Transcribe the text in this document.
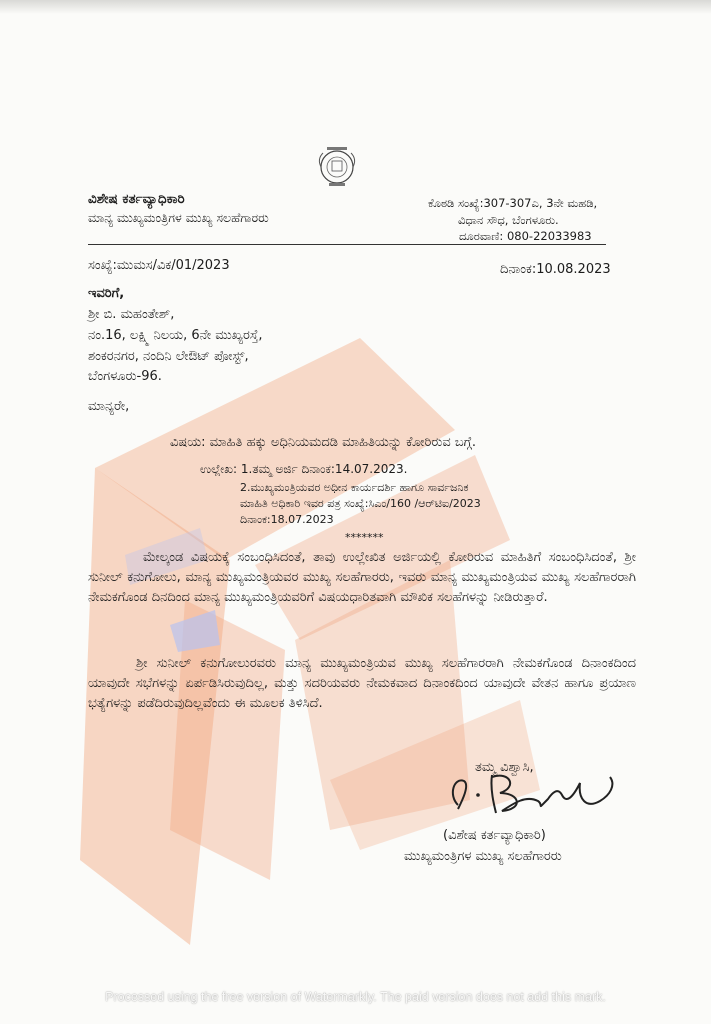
ವಿಶೇಷ ಕರ್ತವ್ಯಾಧಿಕಾರಿ
ಮಾನ್ಯ ಮುಖ್ಯಮಂತ್ರಿಗಳ ಮುಖ್ಯ ಸಲಹೆಗಾರರು
ಕೊಠಡಿ ಸಂಖ್ಯೆ:307-307ಎ, 3ನೇ ಮಹಡಿ,
ವಿಧಾನ ಸೌಧ, ಬೆಂಗಳೂರು.
ದೂರವಾಣಿ: 080-22033983
ಸಂಖ್ಯೆ:ಮುಮಸ/ವಿಕ/01/2023	ದಿನಾಂಕ:10.08.2023
ಇವರಿಗೆ,
ಶ್ರೀ ಬಿ. ಮಹಂತೇಶ್,
ನಂ.16, ಲಕ್ಷ್ಮಿ ನಿಲಯ, 6ನೇ ಮುಖ್ಯರಸ್ತೆ,
ಶಂಕರನಗರ, ನಂದಿನಿ ಲೇಔಟ್ ಪೋಸ್ಟ್,
ಬೆಂಗಳೂರು-96.
ಮಾನ್ಯರೇ,
ವಿಷಯ: ಮಾಹಿತಿ ಹಕ್ಕು ಅಧಿನಿಯಮದಡಿ ಮಾಹಿತಿಯನ್ನು ಕೋರಿರುವ ಬಗ್ಗೆ.
ಉಲ್ಲೇಖ: 1.ತಮ್ಮ ಅರ್ಜಿ ದಿನಾಂಕ:14.07.2023.
2.ಮುಖ್ಯಮಂತ್ರಿಯವರ ಅಧೀನ ಕಾರ್ಯದರ್ಶಿ ಹಾಗೂ ಸಾರ್ವಜನಿಕ
ಮಾಹಿತಿ ಅಧಿಕಾರಿ ಇವರ ಪತ್ರ ಸಂಖ್ಯೆ:ಸಿಎಂ/160 /ಆರ್‌ಟಿಐ/2023
ದಿನಾಂಕ:18.07.2023
*******
ಮೇಲ್ಕಂಡ ವಿಷಯಕ್ಕೆ ಸಂಬಂಧಿಸಿದಂತೆ, ತಾವು ಉಲ್ಲೇಖಿತ ಅರ್ಜಿಯಲ್ಲಿ ಕೋರಿರುವ ಮಾಹಿತಿಗೆ ಸಂಬಂಧಿಸಿದಂತೆ, ಶ್ರೀ ಸುನೀಲ್ ಕನುಗೋಲು, ಮಾನ್ಯ ಮುಖ್ಯಮಂತ್ರಿಯವರ ಮುಖ್ಯ ಸಲಹೆಗಾರರು, ಇವರು ಮಾನ್ಯ ಮುಖ್ಯಮಂತ್ರಿಯವ ಮುಖ್ಯ ಸಲಹೆಗಾರರಾಗಿ ನೇಮಕಗೊಂಡ ದಿನದಿಂದ ಮಾನ್ಯ ಮುಖ್ಯಮಂತ್ರಿಯವರಿಗೆ ವಿಷಯಧಾರಿತವಾಗಿ ಮೌಖಿಕ ಸಲಹೆಗಳನ್ನು ನೀಡಿರುತ್ತಾರೆ.
ಶ್ರೀ ಸುನೀಲ್ ಕನುಗೋಲುರವರು ಮಾನ್ಯ ಮುಖ್ಯಮಂತ್ರಿಯವ ಮುಖ್ಯ ಸಲಹೆಗಾರರಾಗಿ ನೇಮಕಗೊಂಡ ದಿನಾಂಕದಿಂದ ಯಾವುದೇ ಸಭೆಗಳನ್ನು ಏರ್ಪಡಿಸಿರುವುದಿಲ್ಲ, ಮತ್ತು ಸದರಿಯವರು ನೇಮಕವಾದ ದಿನಾಂಕದಿಂದ ಯಾವುದೇ ವೇತನ ಹಾಗೂ ಪ್ರಯಾಣ ಭತ್ಯೆಗಳನ್ನು ಪಡೆದಿರುವುದಿಲ್ಲವೆಂದು ಈ ಮೂಲಕ ತಿಳಿಸಿದೆ.
ತಮ್ಮ ವಿಶ್ವಾಸಿ,
(ವಿಶೇಷ ಕರ್ತವ್ಯಾಧಿಕಾರಿ)
ಮುಖ್ಯಮಂತ್ರಿಗಳ ಮುಖ್ಯ ಸಲಹೆಗಾರರು
Processed using the free version of Watermarkly. The paid version does not add this mark.
